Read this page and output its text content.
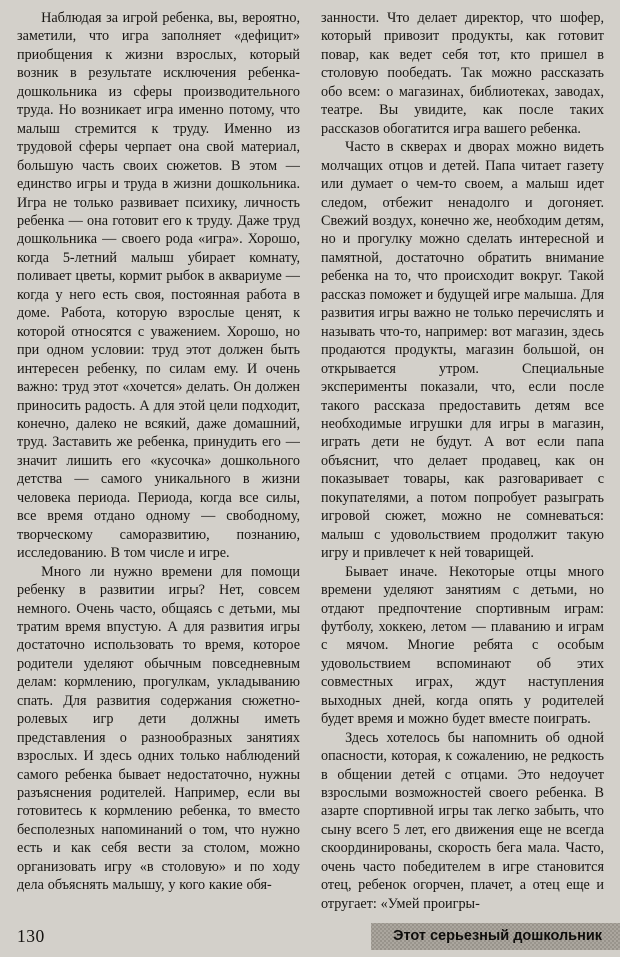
Наблюдая за игрой ребенка, вы, вероятно, заметили, что игра заполняет «дефицит» приобщения к жизни взрослых, который возник в результате исключения ребенка-дошкольника из сферы производительного труда. Но возникает игра именно потому, что малыш стремится к труду. Именно из трудовой сферы черпает она свой материал, большую часть своих сюжетов. В этом — единство игры и труда в жизни дошкольника. Игра не только развивает психику, личность ребенка — она готовит его к труду. Даже труд дошкольника — своего рода «игра». Хорошо, когда 5-летний малыш убирает комнату, поливает цветы, кормит рыбок в аквариуме — когда у него есть своя, постоянная работа в доме. Работа, которую взрослые ценят, к которой относятся с уважением. Хорошо, но при одном условии: труд этот должен быть интересен ребенку, по силам ему. И очень важно: труд этот «хочется» делать. Он должен приносить радость. А для этой цели подходит, конечно, далеко не всякий, даже домашний, труд. Заставить же ребенка, принудить его — значит лишить его «кусочка» дошкольного детства — самого уникального в жизни человека периода. Периода, когда все силы, все время отдано одному — свободному, творческому саморазвитию, познанию, исследованию. В том числе и игре.

Много ли нужно времени для помощи ребенку в развитии игры? Нет, совсем немного. Очень часто, общаясь с детьми, мы тратим время впустую. А для развития игры достаточно использовать то время, которое родители уделяют обычным повседневным делам: кормлению, прогулкам, укладыванию спать. Для развития содержания сюжетно-ролевых игр дети должны иметь представления о разнообразных занятиях взрослых. И здесь одних только наблюдений самого ребенка бывает недостаточно, нужны разъяснения родителей. Например, если вы готовитесь к кормлению ребенка, то вместо бесполезных напоминаний о том, что нужно есть и как себя вести за столом, можно организовать игру «в столовую» и по ходу дела объяснять малышу, у кого какие обя-

занности. Что делает директор, что шофер, который привозит продукты, как готовит повар, как ведет себя тот, кто пришел в столовую пообедать. Так можно рассказать обо всем: о магазинах, библиотеках, заводах, театре. Вы увидите, как после таких рассказов обогатится игра вашего ребенка.

Часто в скверах и дворах можно видеть молчащих отцов и детей. Папа читает газету или думает о чем-то своем, а малыш идет следом, отбежит ненадолго и догоняет. Свежий воздух, конечно же, необходим детям, но и прогулку можно сделать интересной и памятной, достаточно обратить внимание ребенка на то, что происходит вокруг. Такой рассказ поможет и будущей игре малыша. Для развития игры важно не только перечислять и называть что-то, например: вот магазин, здесь продаются продукты, магазин большой, он открывается утром. Специальные эксперименты показали, что, если после такого рассказа предоставить детям все необходимые игрушки для игры в магазин, играть дети не будут. А вот если папа объяснит, что делает продавец, как он показывает товары, как разговаривает с покупателями, а потом попробует разыграть игровой сюжет, можно не сомневаться: малыш с удовольствием продолжит такую игру и привлечет к ней товарищей.

Бывает иначе. Некоторые отцы много времени уделяют занятиям с детьми, но отдают предпочтение спортивным играм: футболу, хоккею, летом — плаванию и играм с мячом. Многие ребята с особым удовольствием вспоминают об этих совместных играх, ждут наступления выходных дней, когда опять у родителей будет время и можно будет вместе поиграть.

Здесь хотелось бы напомнить об одной опасности, которая, к сожалению, не редкость в общении детей с отцами. Это недоучет взрослыми возможностей своего ребенка. В азарте спортивной игры так легко забыть, что сыну всего 5 лет, его движения еще не всегда скоординированы, скорость бега мала. Часто, очень часто победителем в игре становится отец, ребенок огорчен, плачет, а отец еще и отругает: «Умей проигры-

130	Этот серьезный дошкольник
